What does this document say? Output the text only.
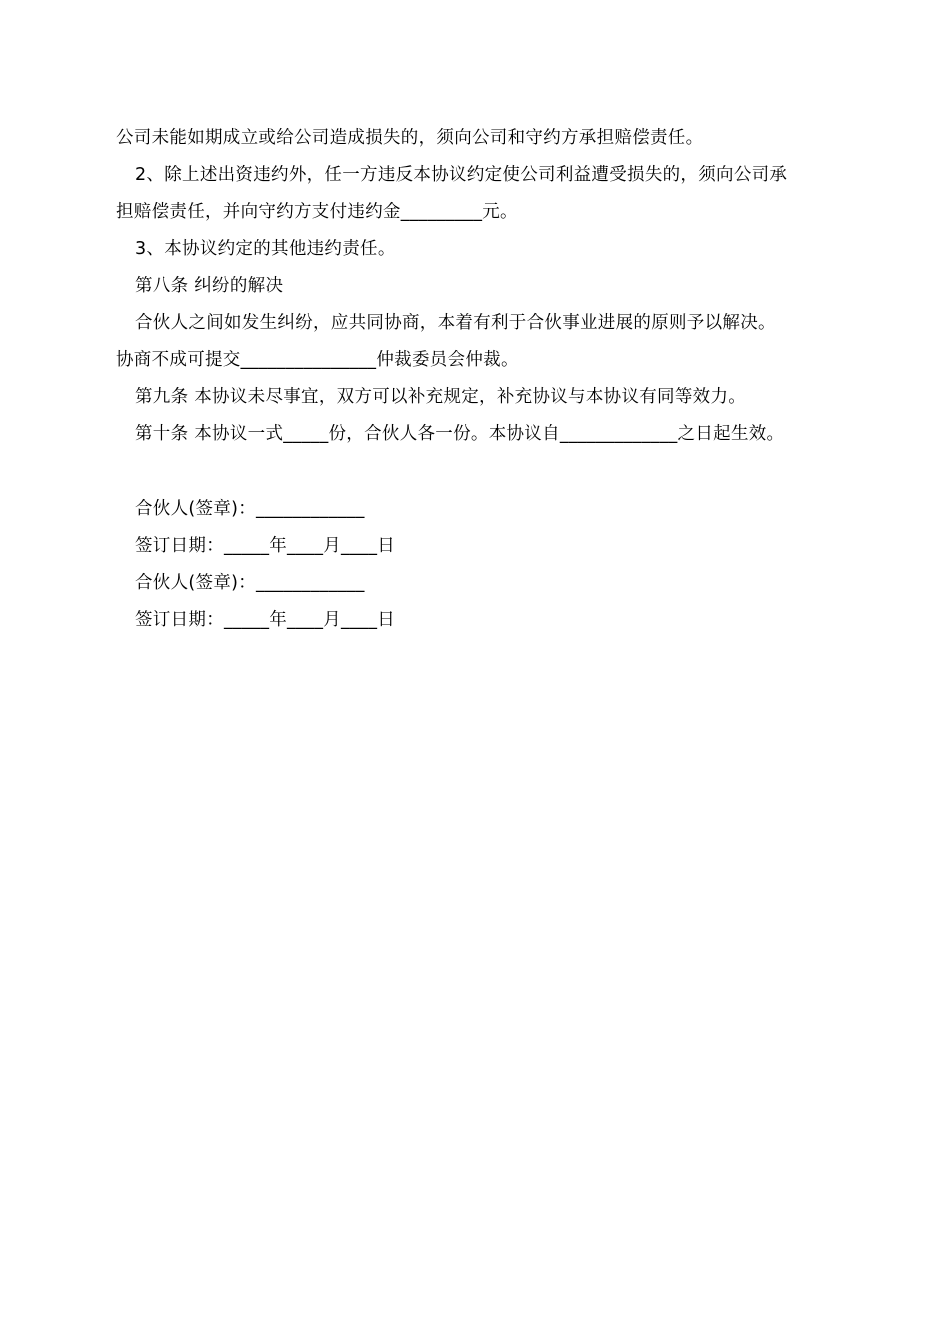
公司未能如期成立或给公司造成损失的，须向公司和守约方承担赔偿责任。
2、除上述出资违约外，任一方违反本协议约定使公司利益遭受损失的，须向公司承
担赔偿责任，并向守约方支付违约金_________元。
3、本协议约定的其他违约责任。
第八条 纠纷的解决
合伙人之间如发生纠纷，应共同协商，本着有利于合伙事业进展的原则予以解决。
协商不成可提交_______________仲裁委员会仲裁。
第九条 本协议未尽事宜，双方可以补充规定，补充协议与本协议有同等效力。
第十条 本协议一式_____份，合伙人各一份。本协议自_____________之日起生效。
合伙人(签章)：____________
签订日期：_____年____月____日
合伙人(签章)：____________
签订日期：_____年____月____日
